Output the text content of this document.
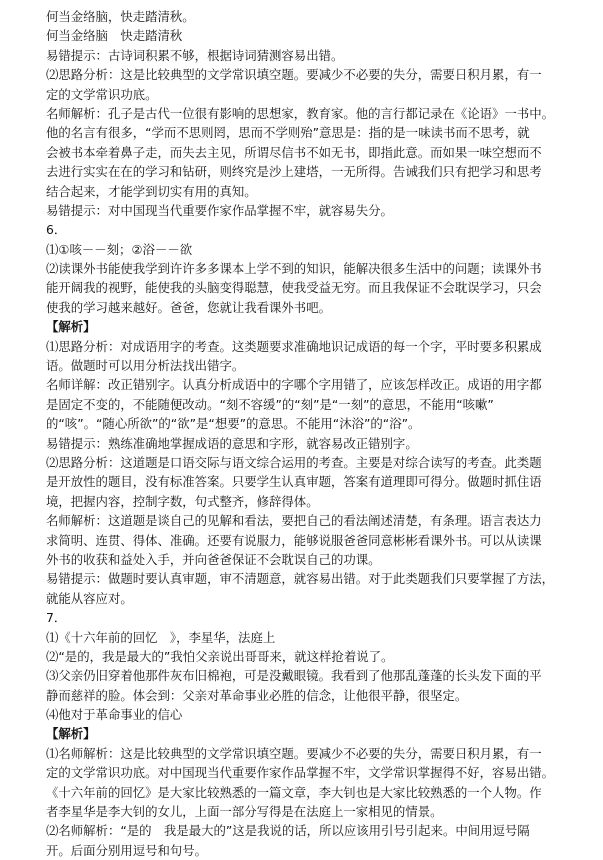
何当金络脑，快走踏清秋。
何当金络脑　快走踏清秋
易错提示：古诗词积累不够，根据诗词猜测容易出错。
⑵思路分析：这是比较典型的文学常识填空题。要减少不必要的失分，需要日积月累，有一
定的文学常识功底。
名师解析：孔子是古代一位很有影响的思想家，教育家。他的言行都记录在《论语》一书中。
他的名言有很多，“学而不思则罔，思而不学则殆”意思是：指的是一味读书而不思考，就
会被书本牵着鼻子走，而失去主见，所谓尽信书不如无书，即指此意。而如果一味空想而不
去进行实实在在的学习和钻研，则终究是沙上建塔，一无所得。告诫我们只有把学习和思考
结合起来，才能学到切实有用的真知。
易错提示：对中国现当代重要作家作品掌握不牢，就容易失分。
6．
⑴①咳－－刻；②浴－－欲
⑵读课外书能使我学到许许多多课本上学不到的知识，能解决很多生活中的问题；读课外书
能开阔我的视野，能使我的头脑变得聪慧，使我受益无穷。而且我保证不会耽误学习，只会
使我的学习越来越好。爸爸，您就让我看课外书吧。
【解析】
⑴思路分析：对成语用字的考查。这类题要求准确地识记成语的每一个字，平时要多积累成
语。做题时可以用分析法找出错字。
名师详解：改正错别字。认真分析成语中的字哪个字用错了，应该怎样改正。成语的用字都
是固定不变的，不能随便改动。“刻不容缓”的“刻”是“一刻”的意思，不能用“咳嗽”
的“咳”。“随心所欲”的“欲”是“想要”的意思。不能用“沐浴”的“浴”。
易错提示：熟练准确地掌握成语的意思和字形，就容易改正错别字。
⑵思路分析：这道题是口语交际与语文综合运用的考查。主要是对综合读写的考查。此类题
是开放性的题目，没有标准答案。只要学生认真审题，答案有道理即可得分。做题时抓住语
境，把握内容，控制字数，句式整齐，修辞得体。
名师解析：这道题是谈自己的见解和看法，要把自己的看法阐述清楚，有条理。语言表达力
求简明、连贯、得体、准确。还要有说服力，能够说服爸爸同意彬彬看课外书。可以从读课
外书的收获和益处入手，并向爸爸保证不会耽误自己的功课。
易错提示：做题时要认真审题，审不清题意，就容易出错。对于此类题我们只要掌握了方法，
就能从容应对。
7．
⑴《十六年前的回忆　》，李星华，法庭上
⑵“是的，我是最大的”我怕父亲说出哥哥来，就这样抢着说了。
⑶父亲仍旧穿着他那件灰布旧棉袍，可是没戴眼镜。我看到了他那乱蓬蓬的长头发下面的平
静而慈祥的脸。体会到：父亲对革命事业必胜的信念，让他很平静，很坚定。
⑷他对于革命事业的信心
【解析】
⑴名师解析：这是比较典型的文学常识填空题。要减少不必要的失分，需要日积月累，有一
定的文学常识功底。对中国现当代重要作家作品掌握不牢，文学常识掌握得不好，容易出错。
《十六年前的回忆》是大家比较熟悉的一篇文章，李大钊也是大家比较熟悉的一个人物。作
者李星华是李大钊的女儿，上面一部分写得是在法庭上一家相见的情景。
⑵名师解析：“是的　我是最大的”这是我说的话，所以应该用引号引起来。中间用逗号隔
开。后面分别用逗号和句号。
